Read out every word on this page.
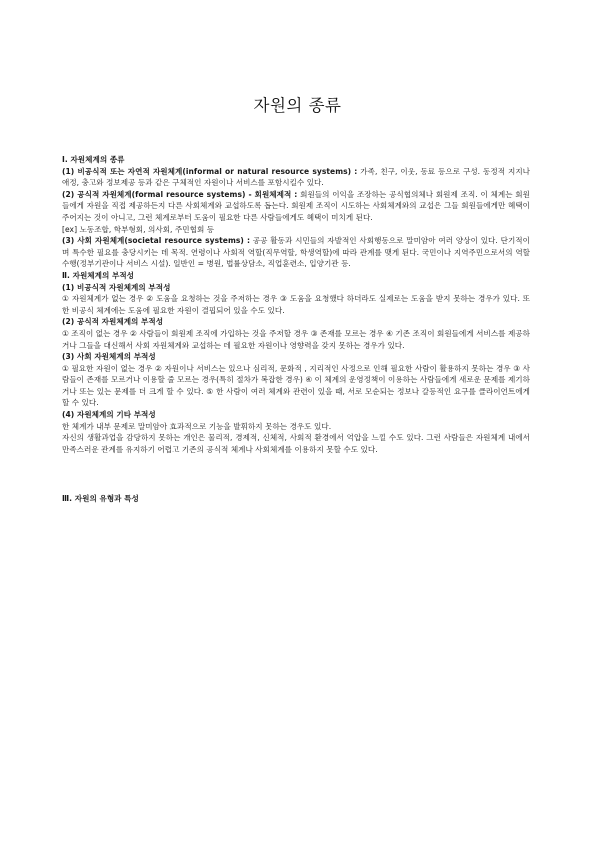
자원의 종류

Ⅰ. 자원체계의 종류

(1) 비공식적 또는 자연적 자원체계(informal or natural resource systems) : 가족, 친구, 이웃, 동료 등으로 구성. 동정적 지지나 애정, 충고와 정보제공 등과 같은 구체적인 자원이나 서비스를 포함시킬수 있다.

(2) 공식적 자원체계(formal resource systems) - 회원체제적 : 회원들의 이익을 조장하는 공식협의체나 회원제 조직. 이 체계는 회원들에게 자원을 직접 제공하든지 다른 사회체계와 교섭하도록 돕는다. 회원제 조직이 시도하는 사회체계와의 교섭은 그들 회원들에게만 혜택이 주어지는 것이 아니고, 그런 체계로부터 도움이 필요한 다른 사람들에게도 혜택이 미치게 된다.

[ex] 노동조합, 학부형회, 의사회, 주민협회 등

(3) 사회 자원체계(societal resource systems) : 공공 활동과 시민들의 자발적인 사회행동으로 말미암아 여러 양상이 있다. 단기적이며 특수한 필요를 충당시키는 데 목적. 연령이나 사회적 역할(직무역할, 학생역할)에 따라 관계를 맺게 된다. 국민이나 지역주민으로서의 역할수행(정부기관이나 서비스 시설). 일반인 = 병원, 법률상담소, 직업훈련소, 입양기관 등.

Ⅱ. 자원체계의 부적성

(1) 비공식적 자원체계의 부적성

① 자원체계가 없는 경우 ② 도움을 요청하는 것을 주저하는 경우 ③ 도움을 요청했다 하더라도 실제로는 도움을 받지 못하는 경우가 있다. 또한 비공식 체계에는 도움에 필요한 자원이 결핍되어 있을 수도 있다.

(2) 공식적 자원체계의 부적성

① 조직이 없는 경우 ② 사람들이 회원제 조직에 가입하는 것을 주저할 경우 ③ 존재를 모르는 경우 ④ 기존 조직이 회원들에게 서비스를 제공하거나 그들을 대신해서 사회 자원체계와 교섭하는 데 필요한 자원이나 영향력을 갖지 못하는 경우가 있다.

(3) 사회 자원체계의 부적성

① 필요한 자원이 없는 경우 ② 자원이나 서비스는 있으나 심리적, 문화적 , 지리적인 사정으로 인해 필요한 사람이 활용하지 못하는 경우 ③ 사람들이 존재를 모르거나 이용할 줄 모르는 경우(특히 절차가 복잡한 경우) ④ 이 체계의 운영정책이 이용하는 사람들에게 새로운 문제를 제기하거나 또는 있는 문제를 더 크게 할 수 있다. ⑤ 한 사람이 여러 체계와 관련이 있을 때, 서로 모순되는 정보나 갈등적인 요구를 클라이언트에게 할 수 있다.

(4) 자원체계의 기타 부적성

한 체계가 내부 문제로 말미암아 효과적으로 기능을 발휘하지 못하는 경우도 있다.

자신의 생활과업을 감당하지 못하는 개인은 물리적, 경제적, 신체적, 사회적 환경에서 억압을 느낄 수도 있다. 그런 사람들은 자원체계 내에서 만족스러운 관계를 유지하기 어렵고 기존의 공식적 체계나 사회체계를 이용하지 못할 수도 있다.

Ⅲ. 자원의 유형과 특성
